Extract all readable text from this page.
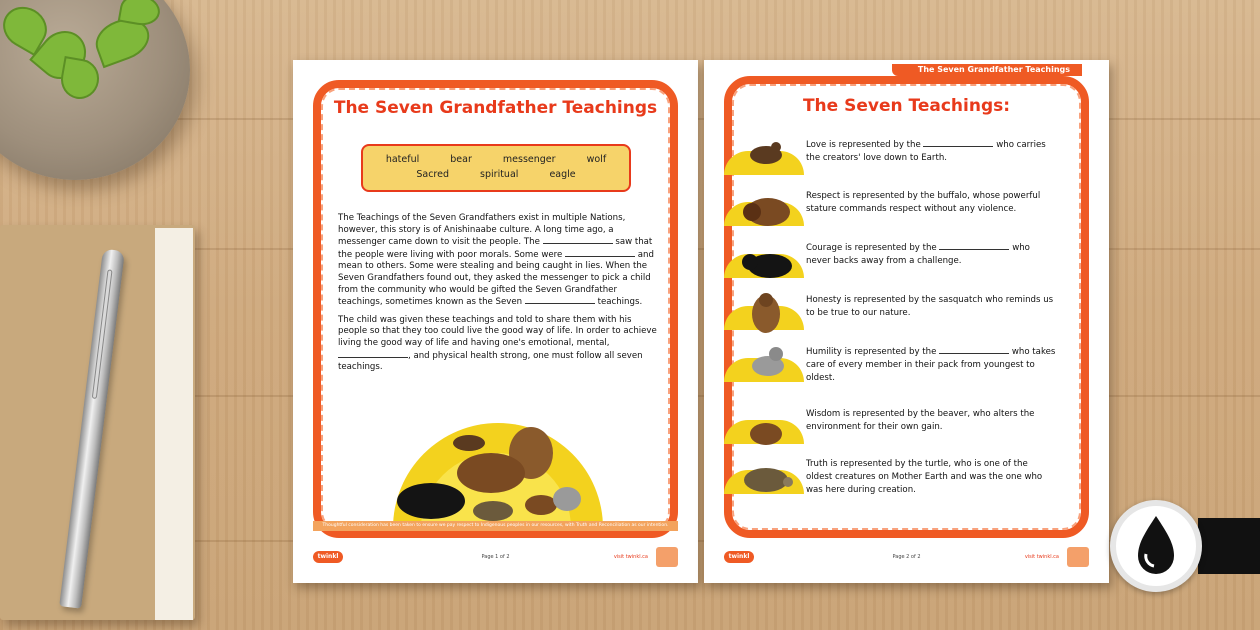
The Seven Grandfather Teachings
hateful	bear	messenger	wolf
Sacred	spiritual	eagle

The Teachings of the Seven Grandfathers exist in multiple Nations, however, this story is of Anishinaabe culture. A long time ago, a messenger came down to visit the people. The	saw that the people were living with poor morals. Some were	and mean to others. Some were stealing and being caught in lies. When the Seven Grandfathers found out, they asked the messenger to pick a child from the community who would be gifted the Seven Grandfather teachings, sometimes known as the Seven	teachings.

The child was given these teachings and told to share them with his people so that they too could live the good way of life. In order to achieve living the good way of life and having one's emotional, mental, , and physical health strong, one must follow all seven teachings.

Thoughtful consideration has been taken to ensure we pay respect to Indigenous peoples in our resources, with Truth and Reconciliation as our intention.
twinkl	Page 1 of 2	visit twinkl.ca
The Seven Grandfather Teachings
The Seven Teachings:
Love is represented by the	who carries the creators' love down to Earth.
Respect is represented by the buffalo, whose powerful stature commands respect without any violence.
Courage is represented by the	who never backs away from a challenge.
Honesty is represented by the sasquatch who reminds us to be true to our nature.
Humility is represented by the	who takes care of every member in their pack from youngest to oldest.
Wisdom is represented by the beaver, who alters the environment for their own gain.
Truth is represented by the turtle, who is one of the oldest creatures on Mother Earth and was the one who was here during creation.
twinkl	Page 2 of 2	visit twinkl.ca
